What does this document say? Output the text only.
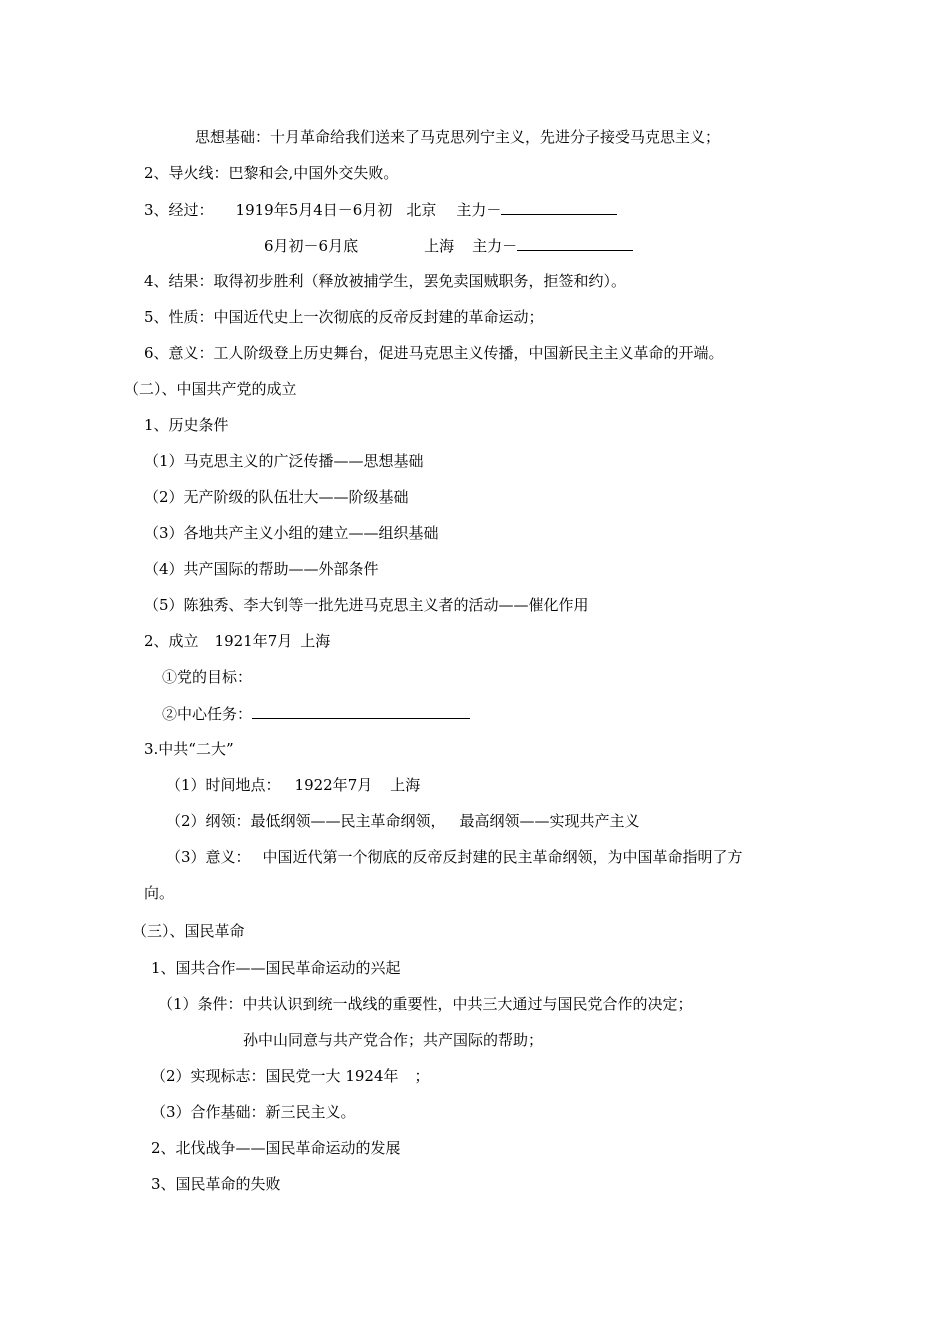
思想基础：十月革命给我们送来了马克思列宁主义，先进分子接受马克思主义；
2、导火线：巴黎和会,中国外交失败。
3、经过： 1919年5月4日－6月初 北京 主力－
6月初－6月底	上海 主力－
4、结果：取得初步胜利（释放被捕学生，罢免卖国贼职务，拒签和约）。
5、性质：中国近代史上一次彻底的反帝反封建的革命运动；
6、意义：工人阶级登上历史舞台，促进马克思主义传播，中国新民主主义革命的开端。
（二）、中国共产党的成立
1、历史条件
（1）马克思主义的广泛传播——思想基础
（2）无产阶级的队伍壮大——阶级基础
（3）各地共产主义小组的建立——组织基础
（4）共产国际的帮助——外部条件
（5）陈独秀、李大钊等一批先进马克思主义者的活动——催化作用
2、成立 1921年7月 上海
①党的目标：
②中心任务：
3.中共“二大”
（1）时间地点： 1922年7月 上海
（2）纲领：最低纲领——民主革命纲领， 最高纲领——实现共产主义
（3）意义： 中国近代第一个彻底的反帝反封建的民主革命纲领，为中国革命指明了方
向。
（三）、国民革命
1、国共合作——国民革命运动的兴起
（1）条件：中共认识到统一战线的重要性，中共三大通过与国民党合作的决定；
孙中山同意与共产党合作；共产国际的帮助；
（2）实现标志：国民党一大 1924年 ；
（3）合作基础：新三民主义。
2、北伐战争——国民革命运动的发展
3、国民革命的失败
